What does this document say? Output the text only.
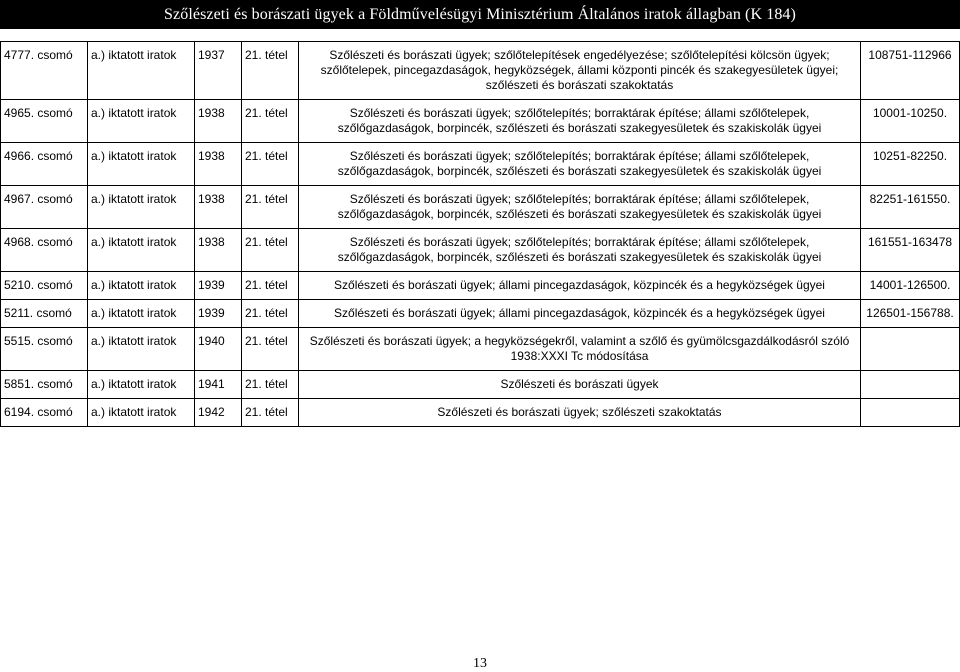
Szőlészeti és borászati ügyek a Földművelésügyi Minisztérium Általános iratok állagban (K 184)
4777. csomó	a.) iktatott iratok	1937	21. tétel	Szőlészeti és borászati ügyek; szőlőtelepítések engedélyezése; szőlőtelepítési kölcsön ügyek; szőlőtelepek, pincegazdaságok, hegyközségek, állami központi pincék és szakegyesületek ügyei; szőlészeti és borászati szakoktatás	108751-112966
4965. csomó	a.) iktatott iratok	1938	21. tétel	Szőlészeti és borászati ügyek; szőlőtelepítés; borraktárak építése; állami szőlőtelepek, szőlőgazdaságok, borpincék, szőlészeti és borászati szakegyesületek és szakiskolák ügyei	10001-10250.
4966. csomó	a.) iktatott iratok	1938	21. tétel	Szőlészeti és borászati ügyek; szőlőtelepítés; borraktárak építése; állami szőlőtelepek, szőlőgazdaságok, borpincék, szőlészeti és borászati szakegyesületek és szakiskolák ügyei	10251-82250.
4967. csomó	a.) iktatott iratok	1938	21. tétel	Szőlészeti és borászati ügyek; szőlőtelepítés; borraktárak építése; állami szőlőtelepek, szőlőgazdaságok, borpincék, szőlészeti és borászati szakegyesületek és szakiskolák ügyei	82251-161550.
4968. csomó	a.) iktatott iratok	1938	21. tétel	Szőlészeti és borászati ügyek; szőlőtelepítés; borraktárak építése; állami szőlőtelepek, szőlőgazdaságok, borpincék, szőlészeti és borászati szakegyesületek és szakiskolák ügyei	161551-163478
5210. csomó	a.) iktatott iratok	1939	21. tétel	Szőlészeti és borászati ügyek; állami pincegazdaságok, közpincék és a hegyközségek ügyei	14001-126500.
5211. csomó	a.) iktatott iratok	1939	21. tétel	Szőlészeti és borászati ügyek; állami pincegazdaságok, közpincék és a hegyközségek ügyei	126501-156788.
5515. csomó	a.) iktatott iratok	1940	21. tétel	Szőlészeti és borászati ügyek; a hegyközségekről, valamint a szőlő és gyümölcsgazdálkodásról szóló 1938:XXXI Tc módosítása	
5851. csomó	a.) iktatott iratok	1941	21. tétel	Szőlészeti és borászati ügyek	
6194. csomó	a.) iktatott iratok	1942	21. tétel	Szőlészeti és borászati ügyek; szőlészeti szakoktatás	
13
